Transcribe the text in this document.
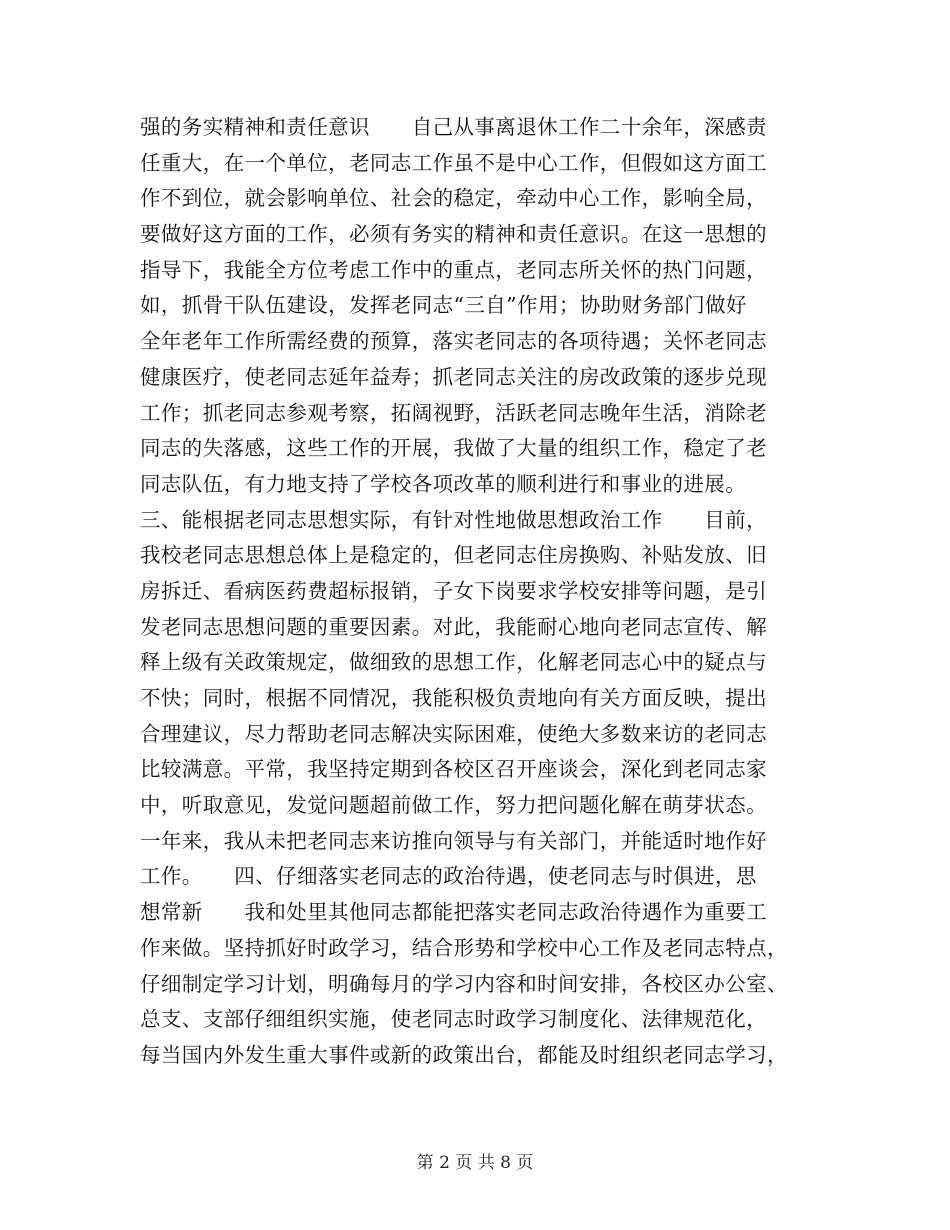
强的务实精神和责任意识　　自己从事离退休工作二十余年，深感责
任重大，在一个单位，老同志工作虽不是中心工作，但假如这方面工
作不到位，就会影响单位、社会的稳定，牵动中心工作，影响全局，
要做好这方面的工作，必须有务实的精神和责任意识。在这一思想的
指导下，我能全方位考虑工作中的重点，老同志所关怀的热门问题，
如，抓骨干队伍建设，发挥老同志“三自”作用；协助财务部门做好
全年老年工作所需经费的预算，落实老同志的各项待遇；关怀老同志
健康医疗，使老同志延年益寿；抓老同志关注的房改政策的逐步兑现
工作；抓老同志参观考察，拓阔视野，活跃老同志晚年生活，消除老
同志的失落感，这些工作的开展，我做了大量的组织工作，稳定了老
同志队伍，有力地支持了学校各项改革的顺利进行和事业的进展。
三、能根据老同志思想实际，有针对性地做思想政治工作　　目前，
我校老同志思想总体上是稳定的，但老同志住房换购、补贴发放、旧
房拆迁、看病医药费超标报销，子女下岗要求学校安排等问题，是引
发老同志思想问题的重要因素。对此，我能耐心地向老同志宣传、解
释上级有关政策规定，做细致的思想工作，化解老同志心中的疑点与
不快；同时，根据不同情况，我能积极负责地向有关方面反映，提出
合理建议，尽力帮助老同志解决实际困难，使绝大多数来访的老同志
比较满意。平常，我坚持定期到各校区召开座谈会，深化到老同志家
中，听取意见，发觉问题超前做工作，努力把问题化解在萌芽状态。
一年来，我从未把老同志来访推向领导与有关部门，并能适时地作好
工作。　　四、仔细落实老同志的政治待遇，使老同志与时俱进，思
想常新　　我和处里其他同志都能把落实老同志政治待遇作为重要工
作来做。坚持抓好时政学习，结合形势和学校中心工作及老同志特点，
仔细制定学习计划，明确每月的学习内容和时间安排，各校区办公室、
总支、支部仔细组织实施，使老同志时政学习制度化、法律规范化，
每当国内外发生重大事件或新的政策出台，都能及时组织老同志学习，
第 2 页 共 8 页
